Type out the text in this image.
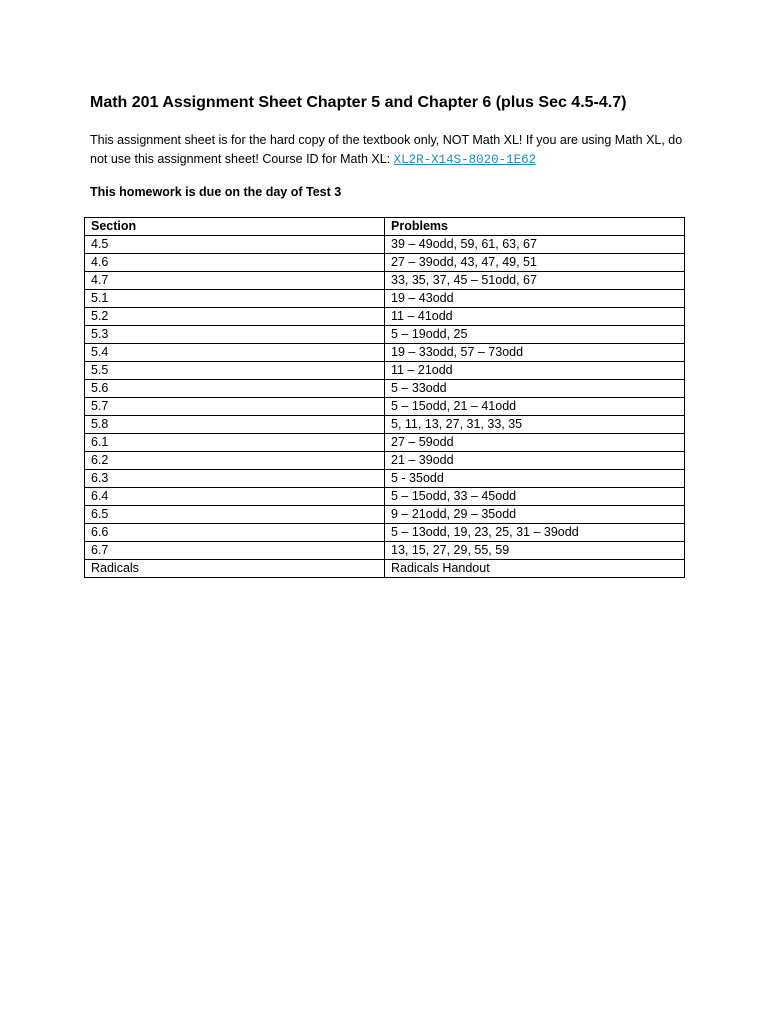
Math 201 Assignment Sheet Chapter 5 and Chapter 6 (plus Sec 4.5-4.7)
This assignment sheet is for the hard copy of the textbook only, NOT Math XL! If you are using Math XL, do not use this assignment sheet! Course ID for Math XL: XL2R-X14S-8020-1E62
This homework is due on the day of Test 3
Section	Problems
4.5	39 – 49odd, 59, 61, 63, 67
4.6	27 – 39odd, 43, 47, 49, 51
4.7	33, 35, 37, 45 – 51odd, 67
5.1	19 – 43odd
5.2	11 – 41odd
5.3	5 – 19odd, 25
5.4	19 – 33odd, 57 – 73odd
5.5	11 – 21odd
5.6	5 – 33odd
5.7	5 – 15odd, 21 – 41odd
5.8	5, 11, 13, 27, 31, 33, 35
6.1	27 – 59odd
6.2	21 – 39odd
6.3	5 - 35odd
6.4	5 – 15odd, 33 – 45odd
6.5	9 – 21odd, 29 – 35odd
6.6	5 – 13odd, 19, 23, 25, 31 – 39odd
6.7	13, 15, 27, 29, 55, 59
Radicals	Radicals Handout
